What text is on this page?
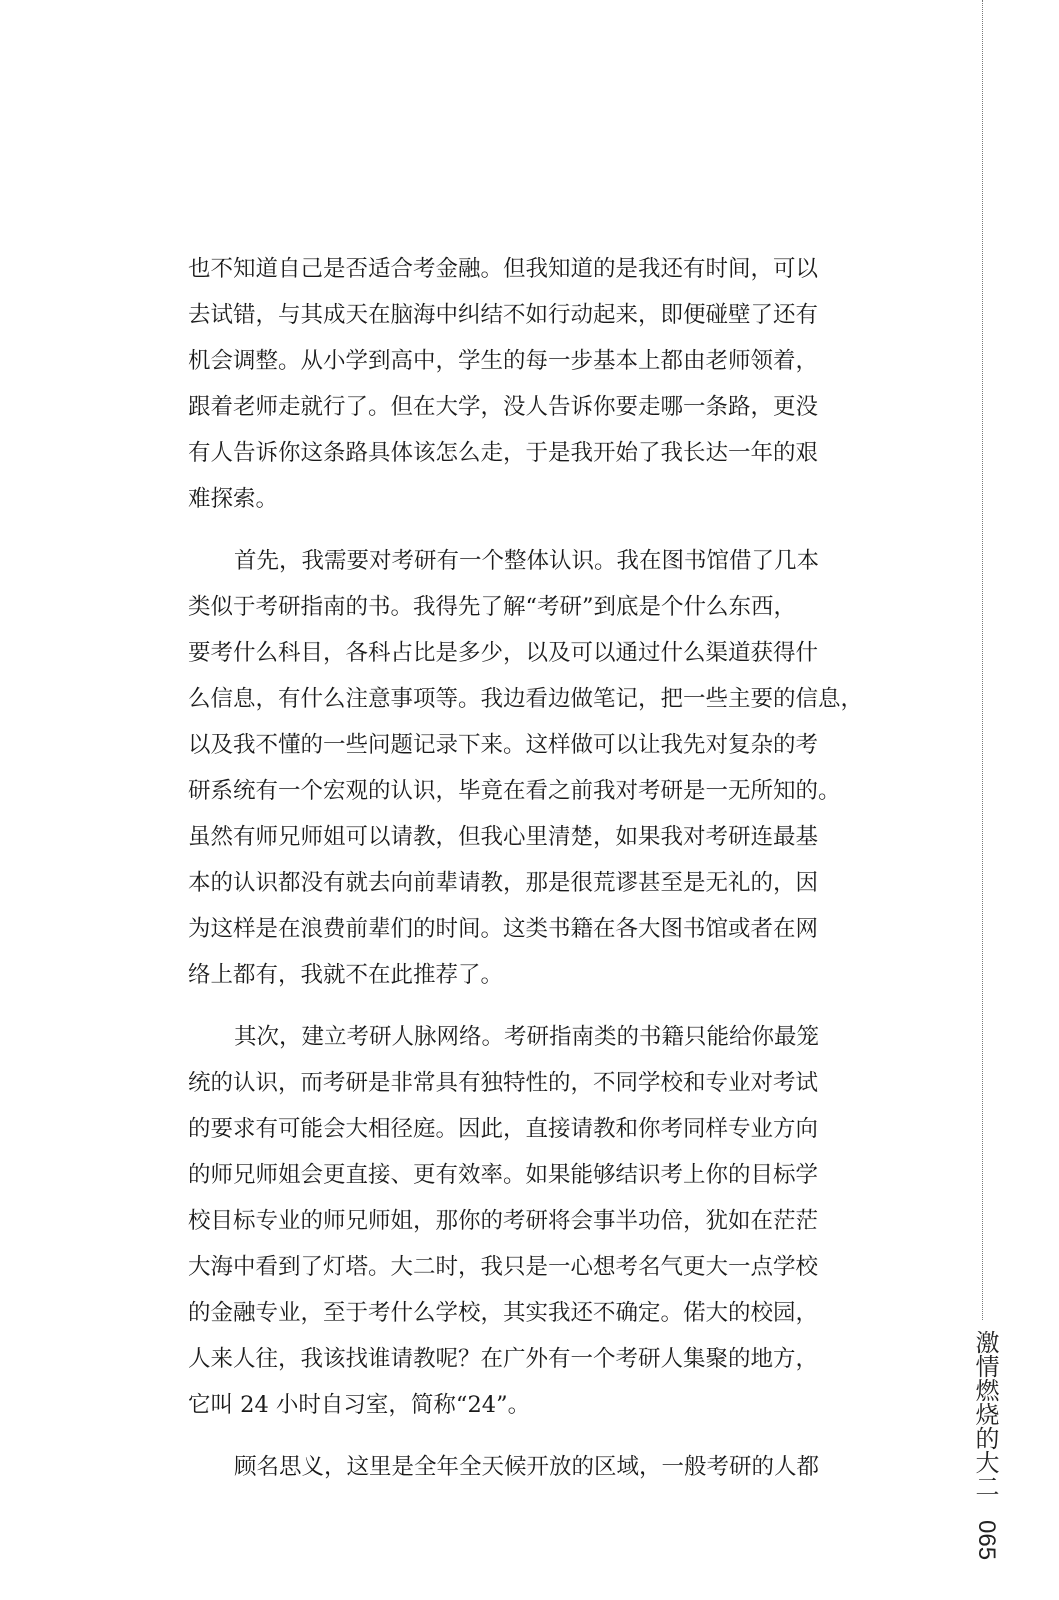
也不知道自己是否适合考金融。但我知道的是我还有时间，可以
去试错，与其成天在脑海中纠结不如行动起来，即便碰壁了还有
机会调整。从小学到高中，学生的每一步基本上都由老师领着，
跟着老师走就行了。但在大学，没人告诉你要走哪一条路，更没
有人告诉你这条路具体该怎么走，于是我开始了我长达一年的艰
难探索。
首先，我需要对考研有一个整体认识。我在图书馆借了几本
类似于考研指南的书。我得先了解“考研”到底是个什么东西，
要考什么科目，各科占比是多少，以及可以通过什么渠道获得什
么信息，有什么注意事项等。我边看边做笔记，把一些主要的信息，
以及我不懂的一些问题记录下来。这样做可以让我先对复杂的考
研系统有一个宏观的认识，毕竟在看之前我对考研是一无所知的。
虽然有师兄师姐可以请教，但我心里清楚，如果我对考研连最基
本的认识都没有就去向前辈请教，那是很荒谬甚至是无礼的，因
为这样是在浪费前辈们的时间。这类书籍在各大图书馆或者在网
络上都有，我就不在此推荐了。
其次，建立考研人脉网络。考研指南类的书籍只能给你最笼
统的认识，而考研是非常具有独特性的，不同学校和专业对考试
的要求有可能会大相径庭。因此，直接请教和你考同样专业方向
的师兄师姐会更直接、更有效率。如果能够结识考上你的目标学
校目标专业的师兄师姐，那你的考研将会事半功倍，犹如在茫茫
大海中看到了灯塔。大二时，我只是一心想考名气更大一点学校
的金融专业，至于考什么学校，其实我还不确定。偌大的校园，
人来人往，我该找谁请教呢？在广外有一个考研人集聚的地方，
它叫 24 小时自习室，简称“24”。
顾名思义，这里是全年全天候开放的区域，一般考研的人都	激情燃烧的大二
065
